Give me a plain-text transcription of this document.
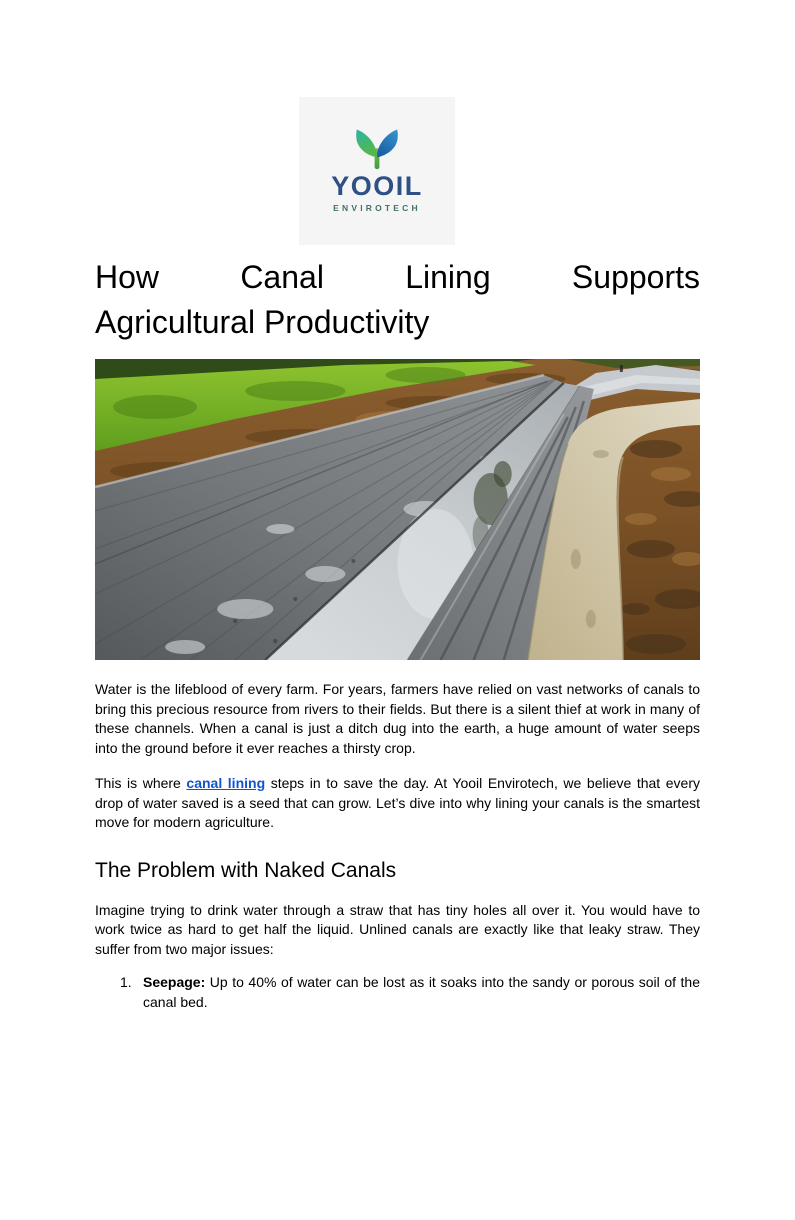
YOOIL
ENVIROTECH
How Canal Lining Supports
Agricultural Productivity

Water is the lifeblood of every farm. For years, farmers have relied on vast networks of canals to bring this precious resource from rivers to their fields. But there is a silent thief at work in many of these channels. When a canal is just a ditch dug into the earth, a huge amount of water seeps into the ground before it ever reaches a thirsty crop.

This is where canal lining steps in to save the day. At Yooil Envirotech, we believe that every drop of water saved is a seed that can grow. Let’s dive into why lining your canals is the smartest move for modern agriculture.

The Problem with Naked Canals

Imagine trying to drink water through a straw that has tiny holes all over it. You would have to work twice as hard to get half the liquid. Unlined canals are exactly like that leaky straw. They suffer from two major issues:

1. Seepage: Up to 40% of water can be lost as it soaks into the sandy or porous soil of the canal bed.
